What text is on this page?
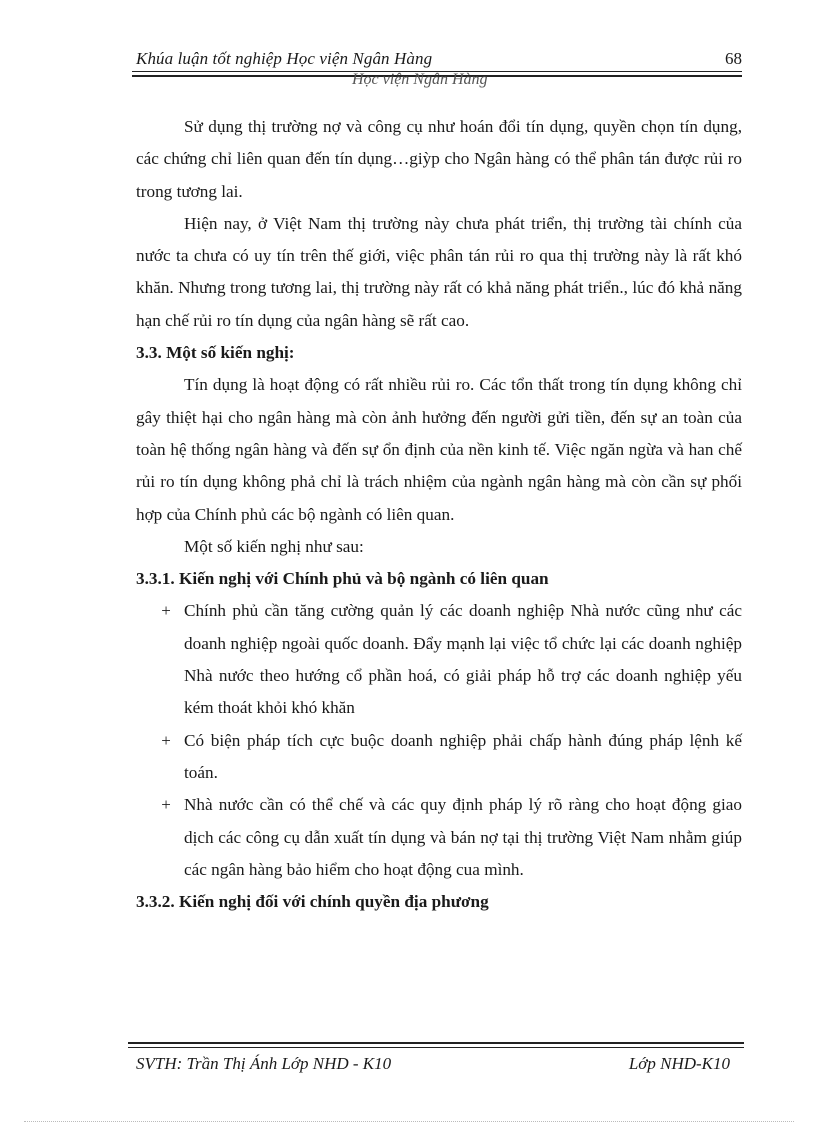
Khúa luận tốt nghiệp Học viện Ngân Hàng	68
Học viện Ngân Hàng

Sử dụng thị trường nợ và công cụ như hoán đổi tín dụng, quyền chọn tín dụng, các chứng chỉ liên quan đến tín dụng…giỳp cho Ngân hàng có thể phân tán được rủi ro trong tương lai.

Hiện nay, ở Việt Nam thị trường này chưa phát triển, thị trường tài chính của nước ta chưa có uy tín trên thế giới, việc phân tán rủi ro qua thị trường này là rất khó khăn. Nhưng trong tương lai, thị trường này rất có khả năng phát triển., lúc đó khả năng hạn chế rủi ro tín dụng của ngân hàng sẽ rất cao.

3.3. Một số kiến nghị:

Tín dụng là hoạt động có rất nhiều rủi ro. Các tổn thất trong tín dụng không chỉ gây thiệt hại cho ngân hàng mà còn ảnh hưởng đến người gửi tiền, đến sự an toàn của toàn hệ thống ngân hàng và đến sự ổn định của nền kinh tế. Việc ngăn ngừa và han chế rủi ro tín dụng không phả chỉ là trách nhiệm của ngành ngân hàng mà còn cần sự phối hợp của Chính phủ các bộ ngành có liên quan.

Một số kiến nghị như sau:

3.3.1. Kiến nghị với Chính phủ và bộ ngành có liên quan

+ Chính phủ cần tăng cường quản lý các doanh nghiệp Nhà nước cũng như các doanh nghiệp ngoài quốc doanh. Đẩy mạnh lại việc tổ chức lại các doanh nghiệp Nhà nước theo hướng cổ phần hoá, có giải pháp hỗ trợ các doanh nghiệp yếu kém thoát khỏi khó khăn
+ Có biện pháp tích cực buộc doanh nghiệp phải chấp hành đúng pháp lệnh kế toán.
+ Nhà nước cần có thể chế và các quy định pháp lý rõ ràng cho hoạt động giao dịch các công cụ dẫn xuất tín dụng và bán nợ tại thị trường Việt Nam nhằm giúp các ngân hàng bảo hiểm cho hoạt động cua mình.

3.3.2. Kiến nghị đối với chính quyền địa phương

SVTH: Trần Thị Ánh Lớp NHD - K10	Lớp NHD-K10
